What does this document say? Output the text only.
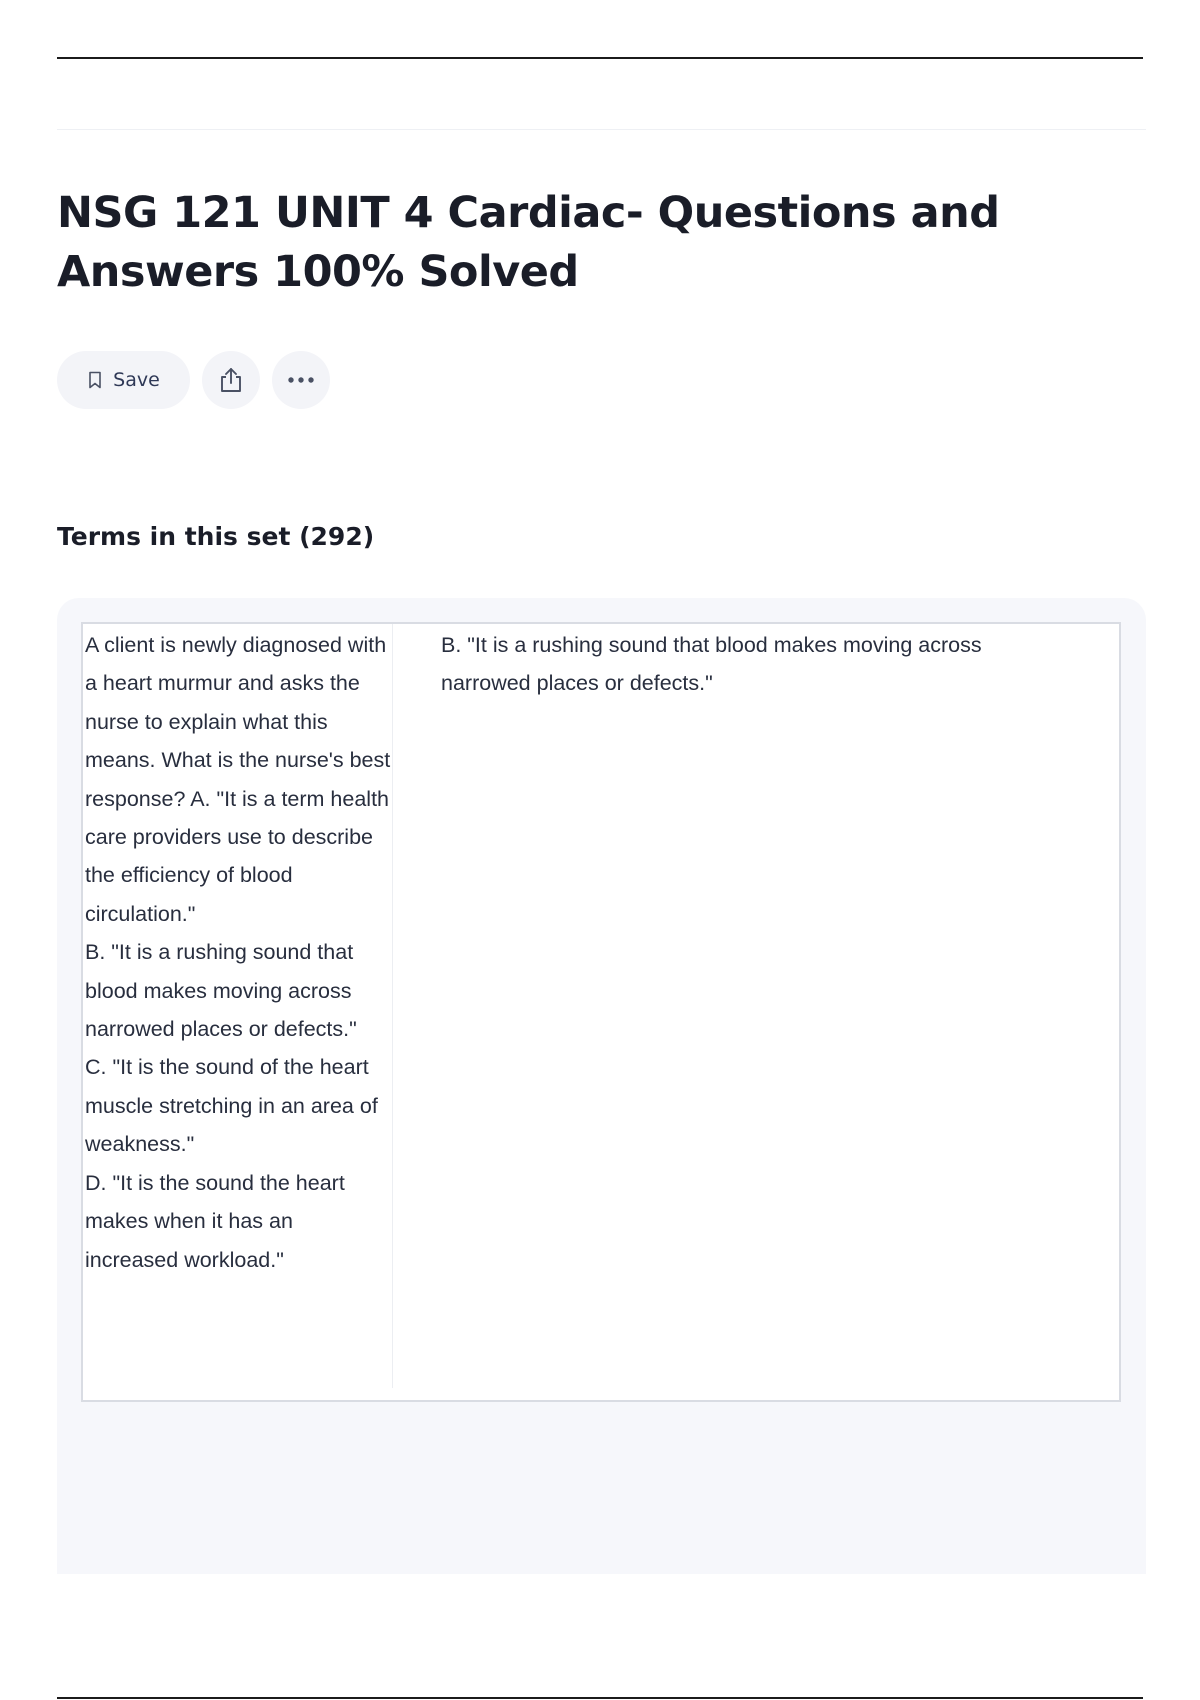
NSG 121 UNIT 4 Cardiac- Questions and Answers 100% Solved
Save
Terms in this set (292)
A client is newly diagnosed with a heart murmur and asks the nurse to explain what this means. What is the nurse's best response? A. "It is a term health care providers use to describe the efficiency of blood circulation."
B. "It is a rushing sound that blood makes moving across narrowed places or defects."
C. "It is the sound of the heart muscle stretching in an area of weakness."
D. "It is the sound the heart makes when it has an increased workload."
B. "It is a rushing sound that blood makes moving across narrowed places or defects."
